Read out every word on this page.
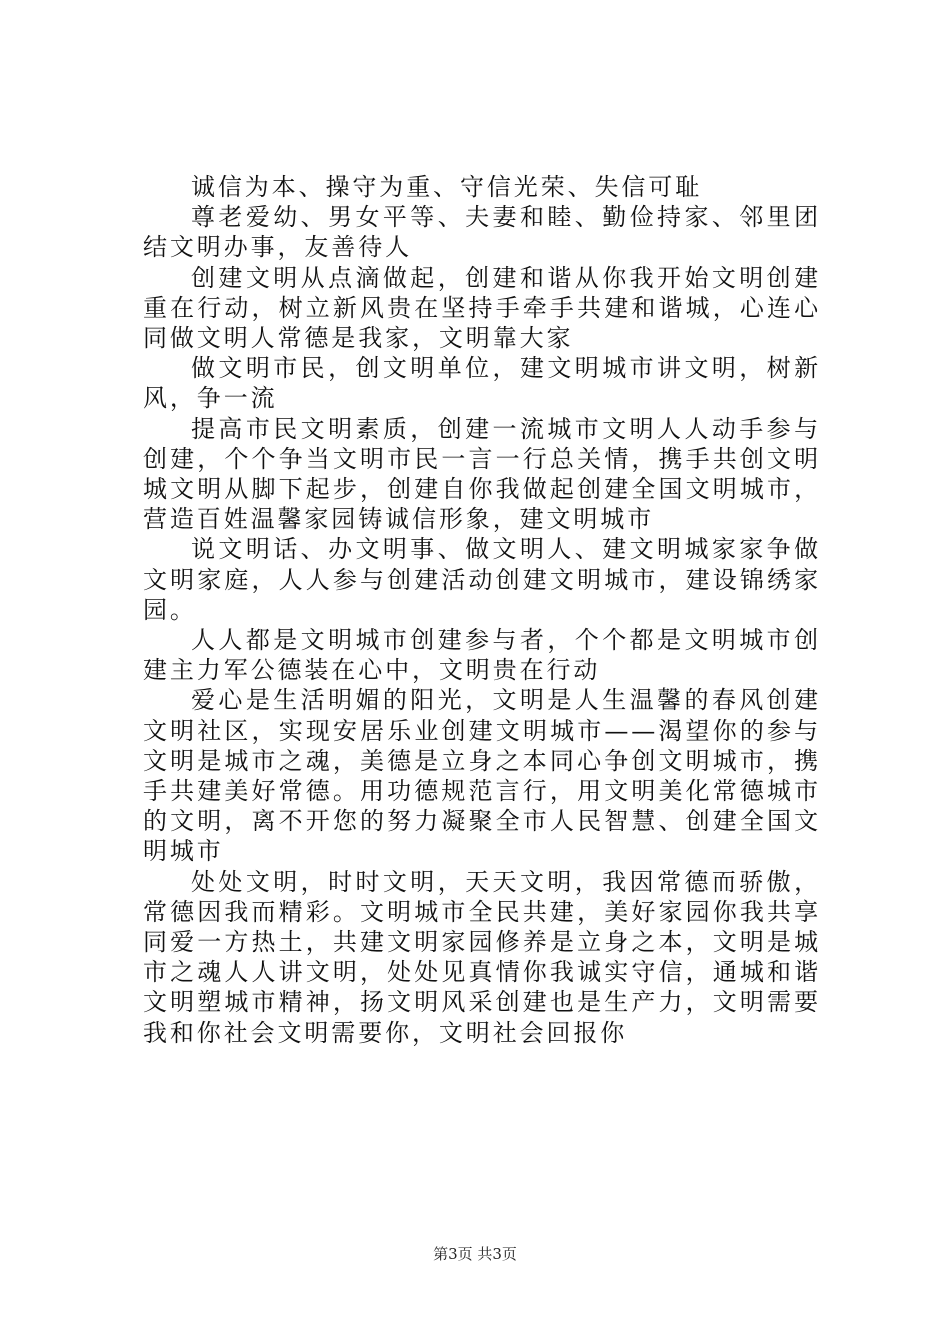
诚信为本、操守为重、守信光荣、失信可耻

尊老爱幼、男女平等、夫妻和睦、勤俭持家、邻里团结文明办事，友善待人

创建文明从点滴做起，创建和谐从你我开始文明创建重在行动，树立新风贵在坚持手牵手共建和谐城，心连心同做文明人常德是我家，文明靠大家

做文明市民，创文明单位，建文明城市讲文明，树新风，争一流

提高市民文明素质，创建一流城市文明人人动手参与创建，个个争当文明市民一言一行总关情，携手共创文明城文明从脚下起步，创建自你我做起创建全国文明城市，营造百姓温馨家园铸诚信形象，建文明城市

说文明话、办文明事、做文明人、建文明城家家争做文明家庭，人人参与创建活动创建文明城市，建设锦绣家园。

人人都是文明城市创建参与者，个个都是文明城市创建主力军公德装在心中，文明贵在行动

爱心是生活明媚的阳光，文明是人生温馨的春风创建文明社区，实现安居乐业创建文明城市——渴望你的参与文明是城市之魂，美德是立身之本同心争创文明城市，携手共建美好常德。用功德规范言行，用文明美化常德城市的文明，离不开您的努力凝聚全市人民智慧、创建全国文明城市

处处文明，时时文明，天天文明，我因常德而骄傲，常德因我而精彩。文明城市全民共建，美好家园你我共享同爱一方热土，共建文明家园修养是立身之本，文明是城市之魂人人讲文明，处处见真情你我诚实守信，通城和谐文明塑城市精神，扬文明风采创建也是生产力，文明需要我和你社会文明需要你，文明社会回报你

第3页 共3页
